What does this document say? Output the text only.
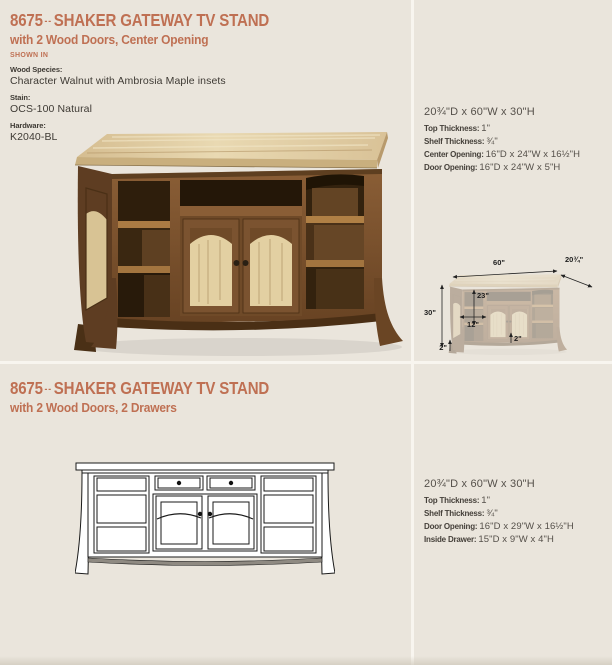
8675 --SHAKER GATEWAY TV STAND
with 2 Wood Doors, Center Opening
SHOWN IN
Wood Species:
Character Walnut with Ambrosia Maple insets
Stain:
OCS-100 Natural
Hardware:
K2040-BL
20¾"D x 60"W x 30"H
Top Thickness: 1"
Shelf Thickness: ¾"
Center Opening: 16"D x 24"W x 16½"H
Door Opening: 16"D x 24"W x 5"H
60"	20¾"
30"
23"
12"
2"
2"
8675 --SHAKER GATEWAY TV STAND
with 2 Wood Doors, 2 Drawers
20¾"D x 60"W x 30"H
Top Thickness: 1"
Shelf Thickness: ¾"
Door Opening: 16"D x 29"W x 16½"H
Inside Drawer: 15"D x 9"W x 4"H
